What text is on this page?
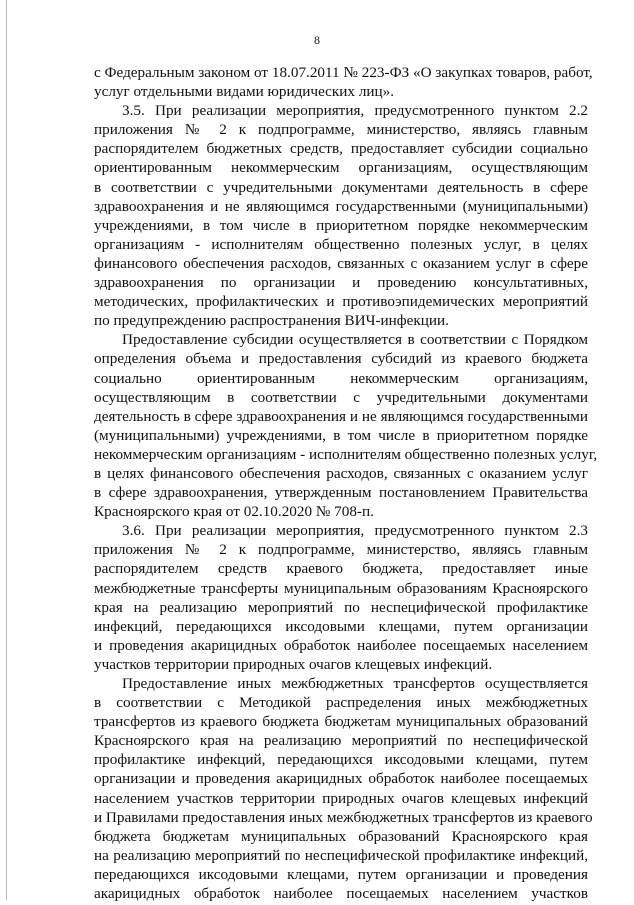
8
с Федеральным законом от 18.07.2011 № 223-ФЗ «О закупках товаров, работ,
услуг отдельными видами юридических лиц».
3.5. При реализации мероприятия, предусмотренного пунктом 2.2
приложения № 2 к подпрограмме, министерство, являясь главным
распорядителем бюджетных средств, предоставляет субсидии социально
ориентированным некоммерческим организациям, осуществляющим
в соответствии с учредительными документами деятельность в сфере
здравоохранения и не являющимся государственными (муниципальными)
учреждениями, в том числе в приоритетном порядке некоммерческим
организациям - исполнителям общественно полезных услуг, в целях
финансового обеспечения расходов, связанных с оказанием услуг в сфере
здравоохранения по организации и проведению консультативных,
методических, профилактических и противоэпидемических мероприятий
по предупреждению распространения ВИЧ-инфекции.
Предоставление субсидии осуществляется в соответствии с Порядком
определения объема и предоставления субсидий из краевого бюджета
социально ориентированным некоммерческим организациям,
осуществляющим в соответствии с учредительными документами
деятельность в сфере здравоохранения и не являющимся государственными
(муниципальными) учреждениями, в том числе в приоритетном порядке
некоммерческим организациям - исполнителям общественно полезных услуг,
в целях финансового обеспечения расходов, связанных с оказанием услуг
в сфере здравоохранения, утвержденным постановлением Правительства
Красноярского края от 02.10.2020 № 708-п.
3.6. При реализации мероприятия, предусмотренного пунктом 2.3
приложения № 2 к подпрограмме, министерство, являясь главным
распорядителем средств краевого бюджета, предоставляет иные
межбюджетные трансферты муниципальным образованиям Красноярского
края на реализацию мероприятий по неспецифической профилактике
инфекций, передающихся иксодовыми клещами, путем организации
и проведения акарицидных обработок наиболее посещаемых населением
участков территории природных очагов клещевых инфекций.
Предоставление иных межбюджетных трансфертов осуществляется
в соответствии с Методикой распределения иных межбюджетных
трансфертов из краевого бюджета бюджетам муниципальных образований
Красноярского края на реализацию мероприятий по неспецифической
профилактике инфекций, передающихся иксодовыми клещами, путем
организации и проведения акарицидных обработок наиболее посещаемых
населением участков территории природных очагов клещевых инфекций
и Правилами предоставления иных межбюджетных трансфертов из краевого
бюджета бюджетам муниципальных образований Красноярского края
на реализацию мероприятий по неспецифической профилактике инфекций,
передающихся иксодовыми клещами, путем организации и проведения
акарицидных обработок наиболее посещаемых населением участков
